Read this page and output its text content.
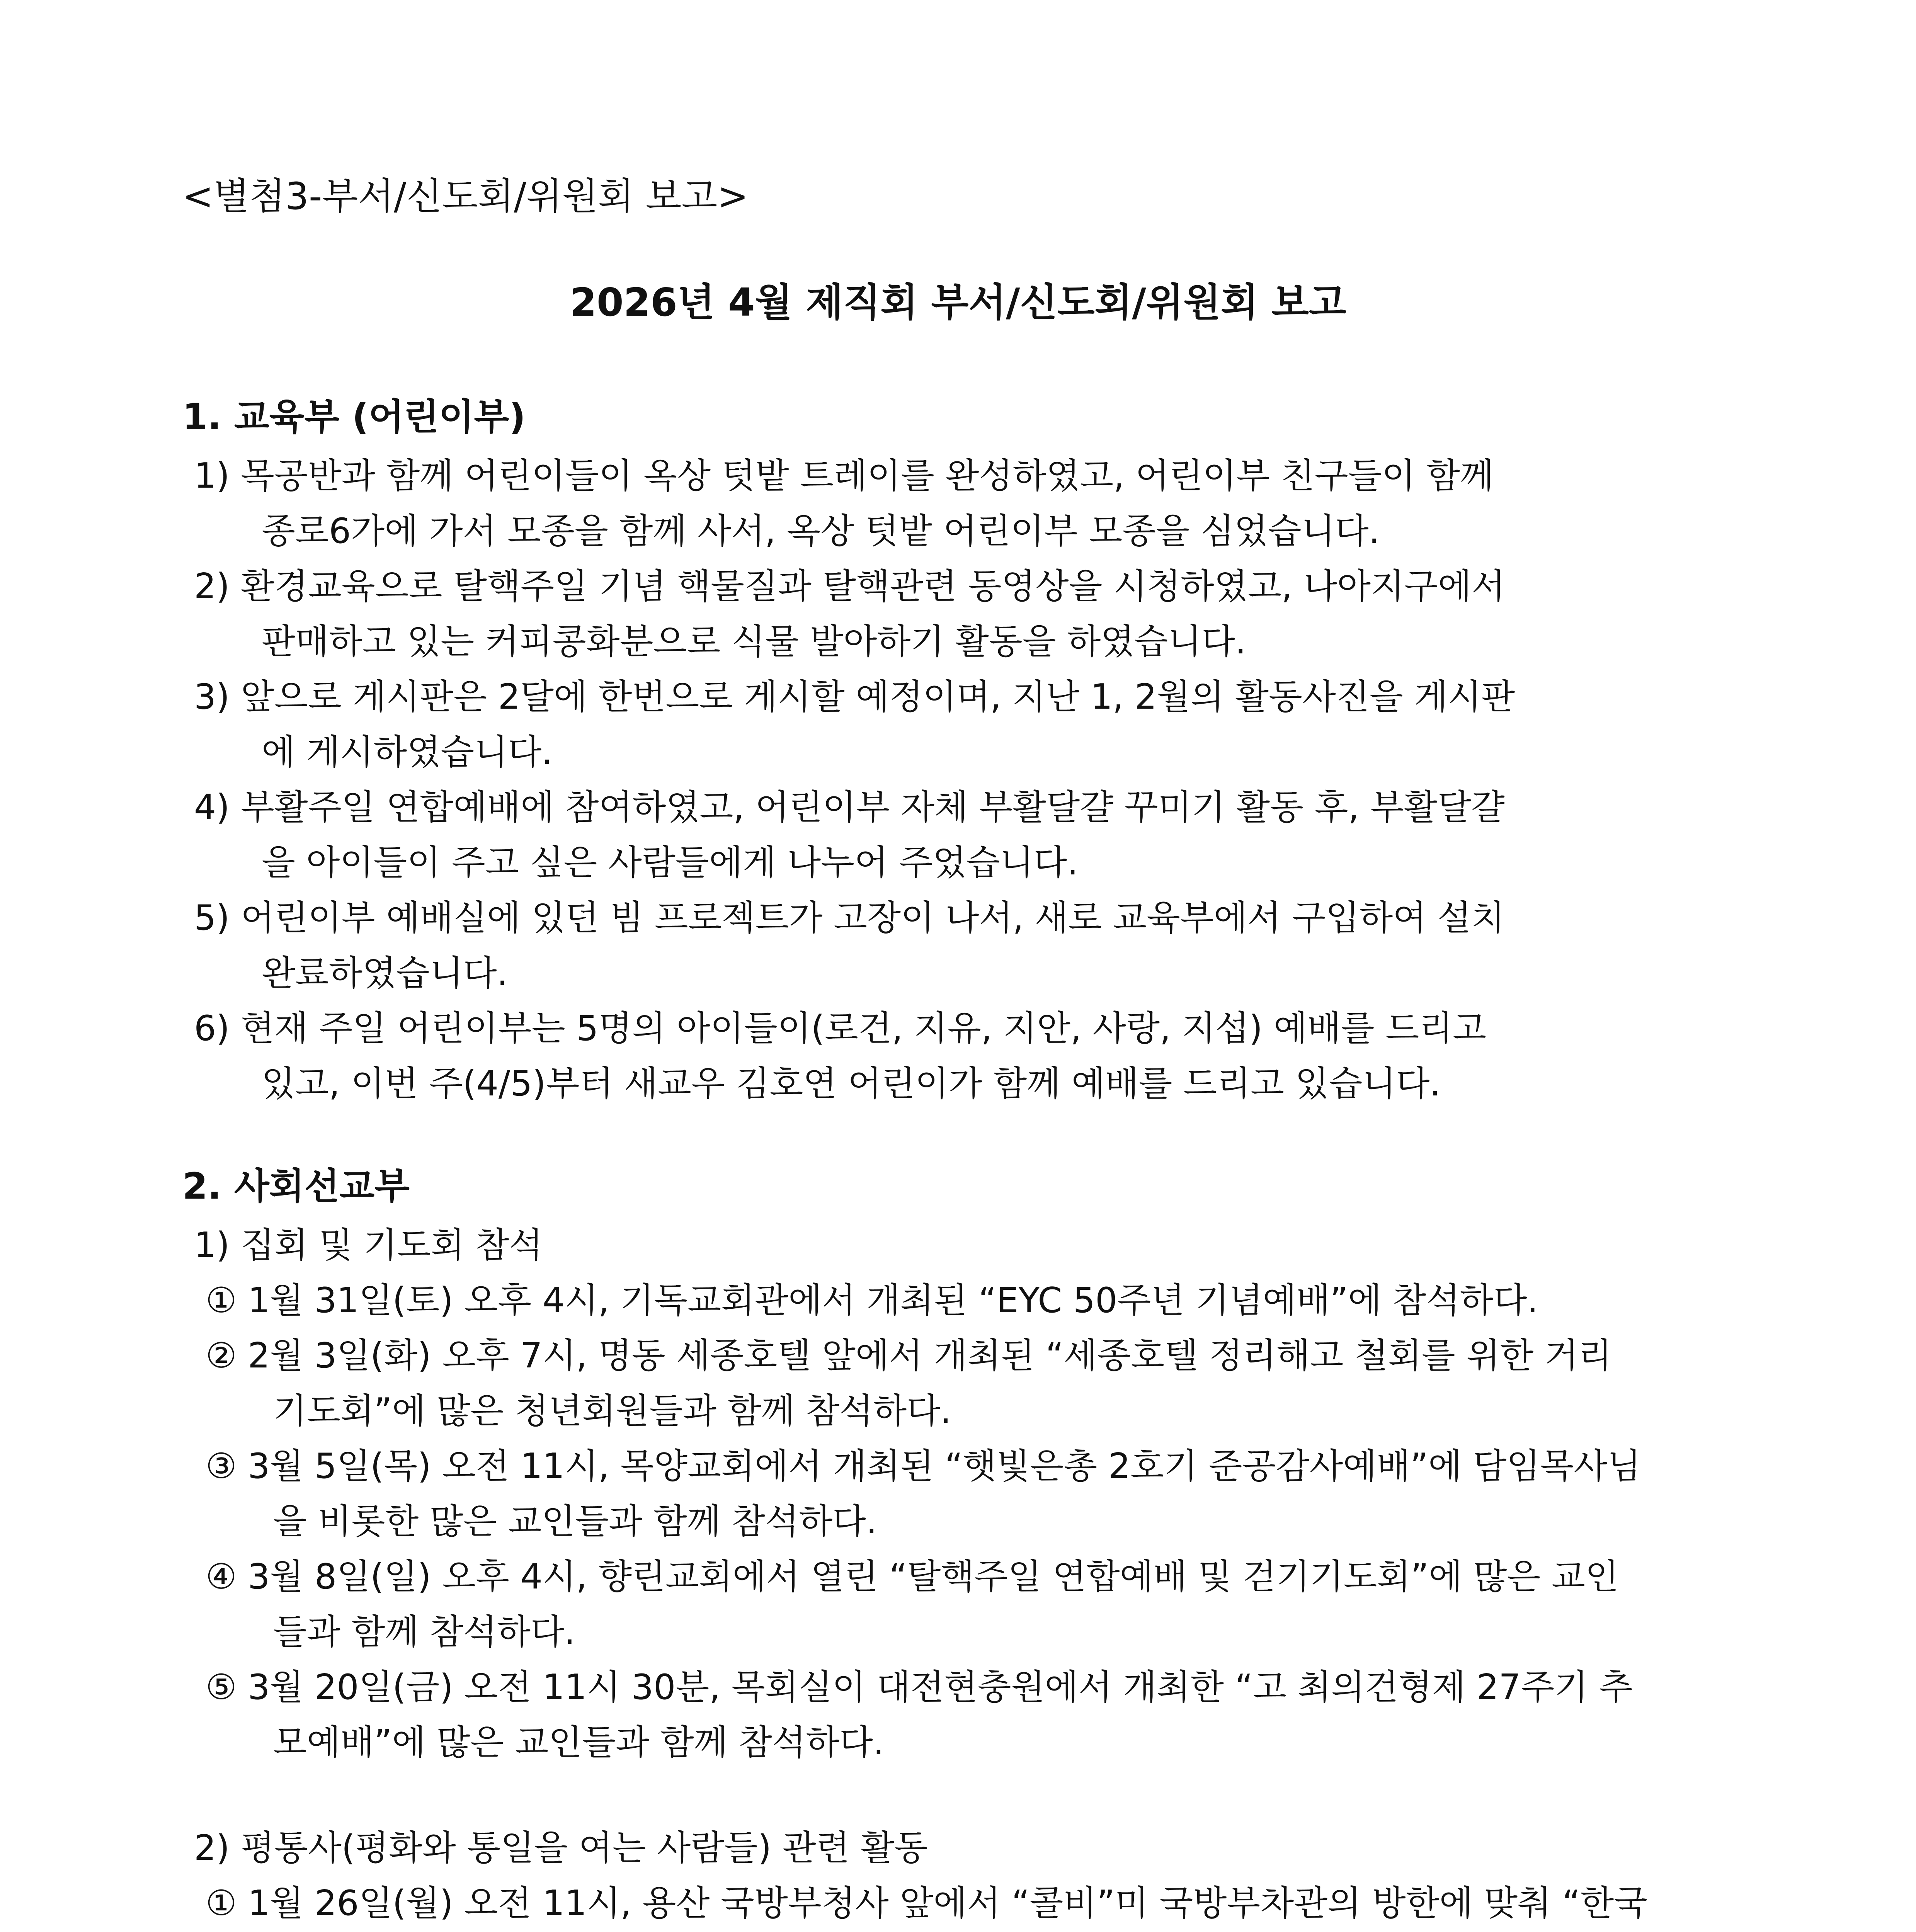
<별첨3-부서/신도회/위원회 보고>
2026년 4월 제직회 부서/신도회/위원회 보고
1. 교육부 (어린이부)
1) 목공반과 함께 어린이들이 옥상 텃밭 트레이를 완성하였고, 어린이부 친구들이 함께
종로6가에 가서 모종을 함께 사서, 옥상 텃밭 어린이부 모종을 심었습니다.
2) 환경교육으로 탈핵주일 기념 핵물질과 탈핵관련 동영상을 시청하였고, 나아지구에서
판매하고 있는 커피콩화분으로 식물 발아하기 활동을 하였습니다.
3) 앞으로 게시판은 2달에 한번으로 게시할 예정이며, 지난 1, 2월의 활동사진을 게시판
에 게시하였습니다.
4) 부활주일 연합예배에 참여하였고, 어린이부 자체 부활달걀 꾸미기 활동 후, 부활달걀
을 아이들이 주고 싶은 사람들에게 나누어 주었습니다.
5) 어린이부 예배실에 있던 빔 프로젝트가 고장이 나서, 새로 교육부에서 구입하여 설치
완료하였습니다.
6) 현재 주일 어린이부는 5명의 아이들이(로건, 지유, 지안, 사랑, 지섭) 예배를 드리고
있고, 이번 주(4/5)부터 새교우 김호연 어린이가 함께 예배를 드리고 있습니다.
2. 사회선교부
1) 집회 및 기도회 참석
① 1월 31일(토) 오후 4시, 기독교회관에서 개최된 “EYC 50주년 기념예배”에 참석하다.
② 2월 3일(화) 오후 7시, 명동 세종호텔 앞에서 개최된 “세종호텔 정리해고 철회를 위한 거리
기도회”에 많은 청년회원들과 함께 참석하다.
③ 3월 5일(목) 오전 11시, 목양교회에서 개최된 “햇빛은총 2호기 준공감사예배”에 담임목사님
을 비롯한 많은 교인들과 함께 참석하다.
④ 3월 8일(일) 오후 4시, 향린교회에서 열린 “탈핵주일 연합예배 및 걷기기도회”에 많은 교인
들과 함께 참석하다.
⑤ 3월 20일(금) 오전 11시 30분, 목회실이 대전현충원에서 개최한 “고 최의건형제 27주기 추
모예배”에 많은 교인들과 함께 참석하다.
2) 평통사(평화와 통일을 여는 사람들) 관련 활동
① 1월 26일(월) 오전 11시, 용산 국방부청사 앞에서 “콜비”미 국방부차관의 방한에 맞춰 “한국
